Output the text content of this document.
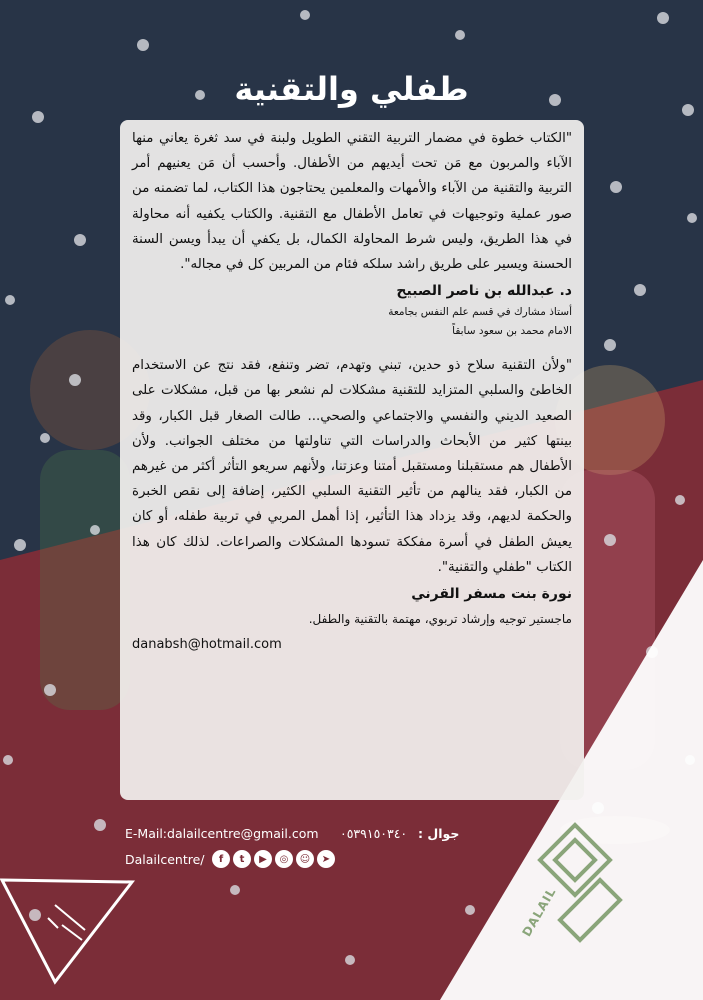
طفلي والتقنية

"الكتاب خطوة في مضمار التربية التقني الطويل ولبنة في سد ثغرة يعاني منها الآباء والمربون مع مَن تحت أيديهم من الأطفال. وأحسب أن مَن يعنيهم أمر التربية والتقنية من الآباء والأمهات والمعلمين يحتاجون هذا الكتاب، لما تضمنه من صور عملية وتوجيهات في تعامل الأطفال مع التقنية. والكتاب يكفيه أنه محاولة في هذا الطريق، وليس شرط المحاولة الكمال، بل يكفي أن يبدأ ويسن السنة الحسنة ويسير على طريق راشد سلكه فئام من المربين كل في مجاله".

د. عبدالله بن ناصر الصبيح

أستاذ مشارك في قسم علم النفس بجامعة

الامام محمد بن سعود سابقاً

"ولأن التقنية سلاح ذو حدين، تبني وتهدم، تضر وتنفع، فقد نتج عن الاستخدام الخاطئ والسلبي المتزايد للتقنية مشكلات لم نشعر بها من قبل، مشكلات على الصعيد الديني والنفسي والاجتماعي والصحي... طالت الصغار قبل الكبار، وقد بينتها كثير من الأبحاث والدراسات التي تناولتها من مختلف الجوانب. ولأن الأطفال هم مستقبلنا ومستقبل أمتنا وعزتنا، ولأنهم سريعو التأثر أكثر من غيرهم من الكبار، فقد ينالهم من تأثير التقنية السلبي الكثير، إضافة إلى نقص الخبرة والحكمة لديهم، وقد يزداد هذا التأثير، إذا أهمل المربي في تربية طفله، أو كان يعيش الطفل في أسرة مفككة تسودها المشكلات والصراعات. لذلك كان هذا الكتاب "طفلي والتقنية".

نورة بنت مسفر القرني

ماجستير توجيه وإرشاد تربوي، مهتمة بالتقنية والطفل.

danabsh@hotmail.com
E-Mail:dalailcentre@gmail.com ٠٥٣٩١٥٠٣٤٠ جوال :
Dalailcentre/	f	t	▶	◎	☺	➤
DALAIL
